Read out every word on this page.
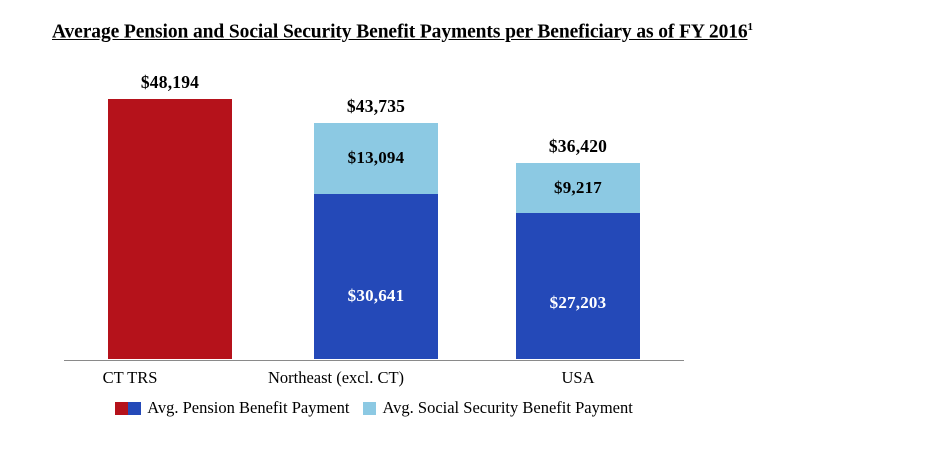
Average Pension and Social Security Benefit Payments per Beneficiary as of FY 2016$^1$
$48,194
CT TRS
$43,735
$13,094
$30,641
Northeast (excl. CT)
$36,420
$9,217
$27,203
USA
Avg. Pension Benefit Payment Avg. Social Security Benefit Payment
